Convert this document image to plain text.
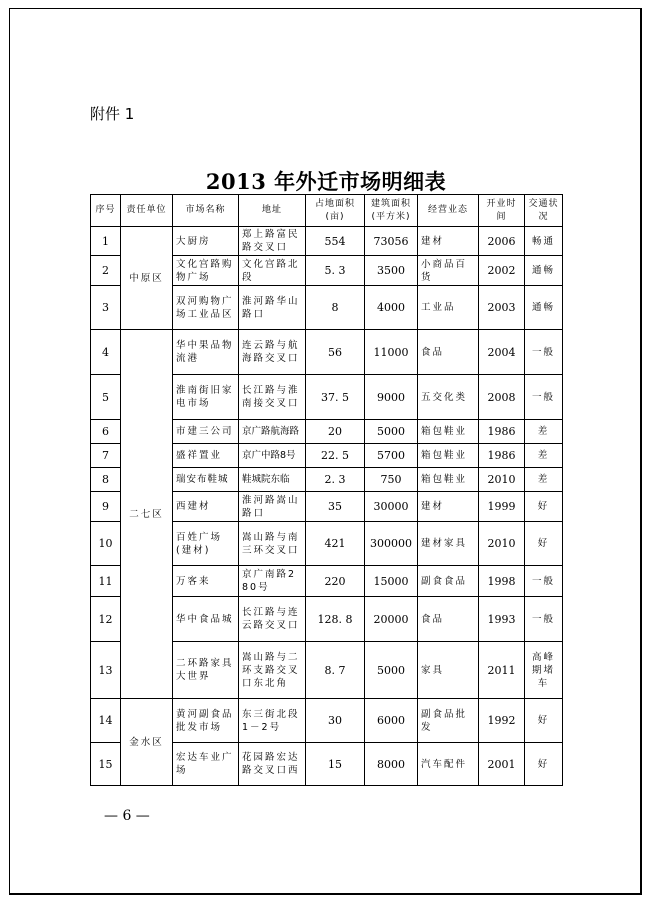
附件 1
2013 年外迁市场明细表
序号	责任单位	市场名称	地址	占地面积(亩)	建筑面积(平方米)	经营业态	开业时间	交通状况
1	中原区	大厨房	郑上路富民路交叉口	554	73056	建材	2006	畅通
2		文化宫路购物广场	文化宫路北段	5. 3	3500	小商品百货	2002	通畅
3		双河购物广场工业品区	淮河路华山路口	8	4000	工业品	2003	通畅
4	二七区	华中果品物流港	连云路与航海路交叉口	56	11000	食品	2004	一般
5		淮南街旧家电市场	长江路与淮南接交叉口	37. 5	9000	五交化类	2008	一般
6		市建三公司	京广路航海路	20	5000	箱包鞋业	1986	差
7		盛祥置业	京广中路8号	22. 5	5700	箱包鞋业	1986	差
8		瑞安布鞋城	鞋城院东临	2. 3	750	箱包鞋业	2010	差
9		西建材	淮河路嵩山路口	35	30000	建材	1999	好
10		百姓广场(建材)	嵩山路与南三环交叉口	421	300000	建材家具	2010	好
11		万客来	京广南路280号	220	15000	副食食品	1998	一般
12		华中食品城	长江路与连云路交叉口	128. 8	20000	食品	1993	一般
13		二环路家具大世界	嵩山路与二环支路交叉口东北角	8. 7	5000	家具	2011	高峰期堵车
14	金水区	黄河副食品批发市场	东三街北段1－2号	30	6000	副食品批发	1992	好
15		宏达车业广场	花园路宏达路交叉口西	15	8000	汽车配件	2001	好
— 6 —
